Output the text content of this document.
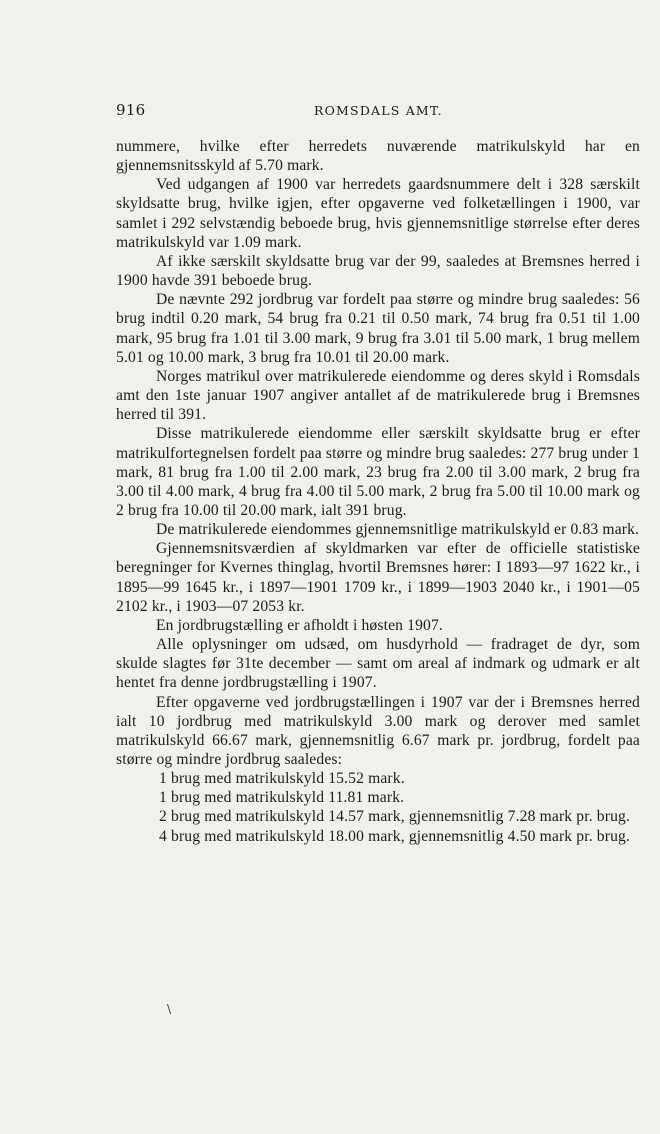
916	ROMSDALS AMT.

nummere, hvilke efter herredets nuværende matrikulskyld har en gjennemsnitsskyld af 5.70 mark.

Ved udgangen af 1900 var herredets gaardsnummere delt i 328 særskilt skyldsatte brug, hvilke igjen, efter opgaverne ved folketællingen i 1900, var samlet i 292 selvstændig beboede brug, hvis gjennemsnitlige størrelse efter deres matrikulskyld var 1.09 mark.

Af ikke særskilt skyldsatte brug var der 99, saaledes at Bremsnes herred i 1900 havde 391 beboede brug.

De nævnte 292 jordbrug var fordelt paa større og mindre brug saaledes: 56 brug indtil 0.20 mark, 54 brug fra 0.21 til 0.50 mark, 74 brug fra 0.51 til 1.00 mark, 95 brug fra 1.01 til 3.00 mark, 9 brug fra 3.01 til 5.00 mark, 1 brug mellem 5.01 og 10.00 mark, 3 brug fra 10.01 til 20.00 mark.

Norges matrikul over matrikulerede eiendomme og deres skyld i Romsdals amt den 1ste januar 1907 angiver antallet af de matrikulerede brug i Bremsnes herred til 391.

Disse matrikulerede eiendomme eller særskilt skyldsatte brug er efter matrikulfortegnelsen fordelt paa større og mindre brug saaledes: 277 brug under 1 mark, 81 brug fra 1.00 til 2.00 mark, 23 brug fra 2.00 til 3.00 mark, 2 brug fra 3.00 til 4.00 mark, 4 brug fra 4.00 til 5.00 mark, 2 brug fra 5.00 til 10.00 mark og 2 brug fra 10.00 til 20.00 mark, ialt 391 brug.

De matrikulerede eiendommes gjennemsnitlige matrikulskyld er 0.83 mark.

Gjennemsnitsværdien af skyldmarken var efter de officielle statistiske beregninger for Kvernes thinglag, hvortil Bremsnes hører: I 1893—97 1622 kr., i 1895—99 1645 kr., i 1897—1901 1709 kr., i 1899—1903 2040 kr., i 1901—05 2102 kr., i 1903—07 2053 kr.

En jordbrugstælling er afholdt i høsten 1907.

Alle oplysninger om udsæd, om husdyrhold — fradraget de dyr, som skulde slagtes før 31te december — samt om areal af indmark og udmark er alt hentet fra denne jordbrugstælling i 1907.

Efter opgaverne ved jordbrugstællingen i 1907 var der i Bremsnes herred ialt 10 jordbrug med matrikulskyld 3.00 mark og derover med samlet matrikulskyld 66.67 mark, gjennemsnitlig 6.67 mark pr. jordbrug, fordelt paa større og mindre jordbrug saaledes:

1 brug med matrikulskyld 15.52 mark.

1 brug med matrikulskyld 11.81 mark.

2 brug med matrikulskyld 14.57 mark, gjennemsnitlig 7.28 mark pr. brug.

4 brug med matrikulskyld 18.00 mark, gjennemsnitlig 4.50 mark pr. brug.

\
